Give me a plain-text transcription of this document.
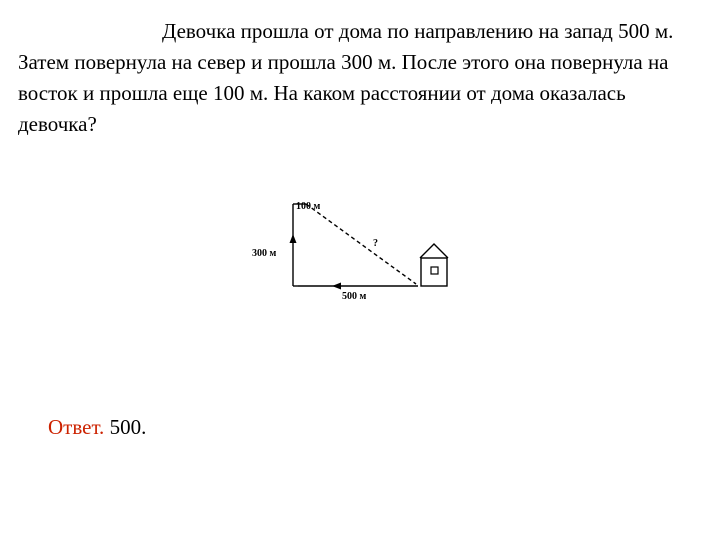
Девочка прошла от дома по направлению на запад 500 м. Затем повернула на север и прошла 300 м. После этого она повернула на восток и прошла еще 100 м. На каком расстоянии от дома оказалась девочка?

100 м
300 м
500 м
?

Ответ. 500.
